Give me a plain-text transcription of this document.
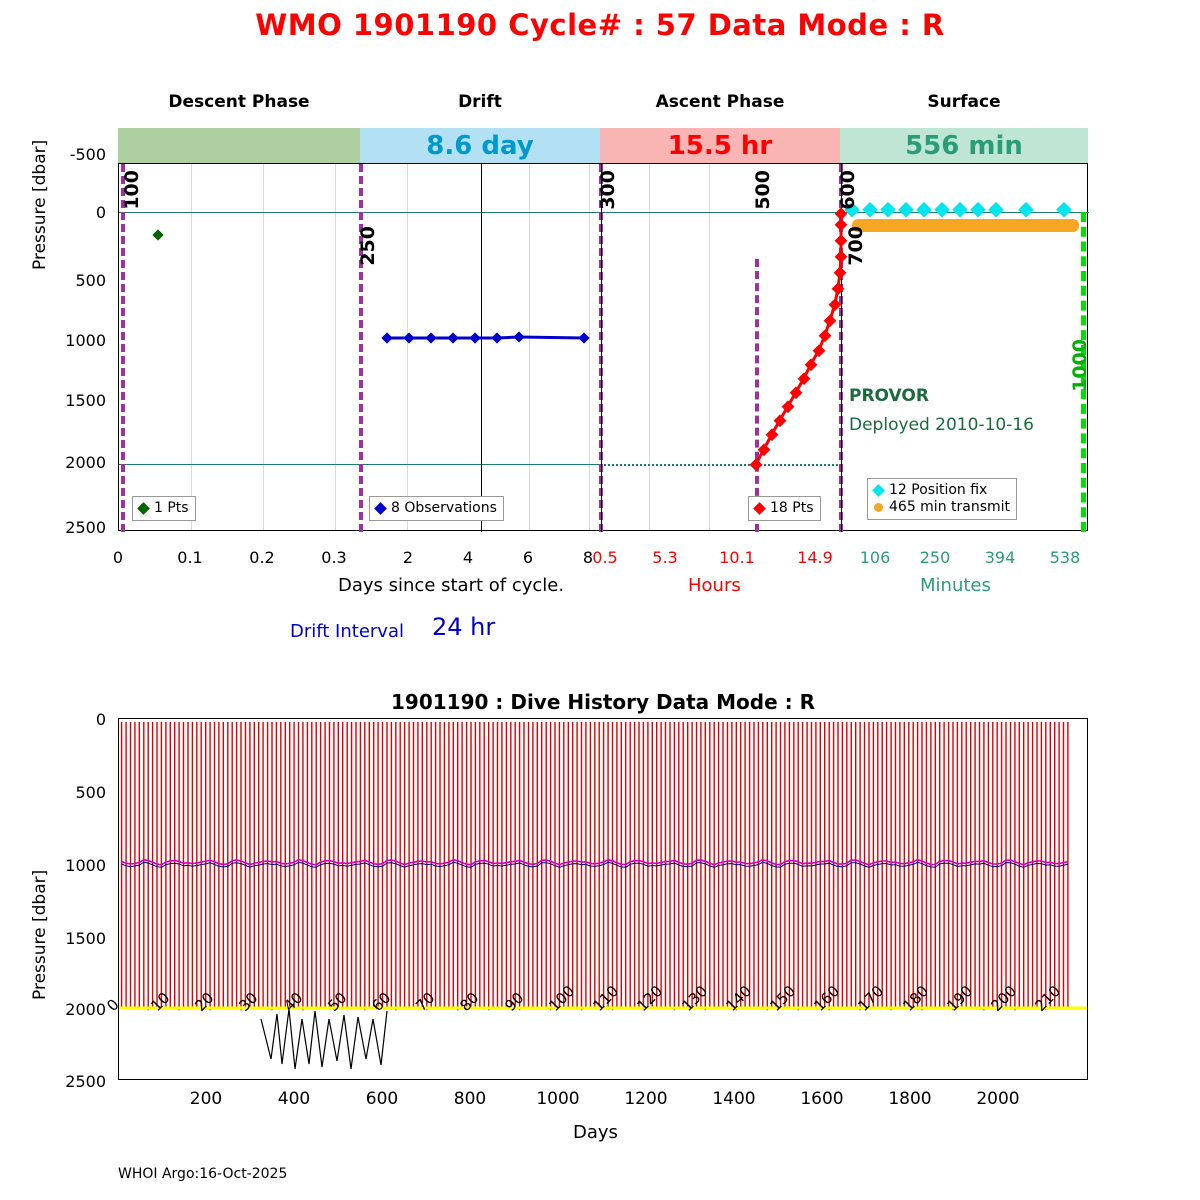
WMO 1901190 Cycle# : 57 Data Mode : R
Descent Phase	Drift	Ascent Phase	Surface
8.6 day	15.5 hr	556 min
100
250
300	500	600
700
1000
PROVOR
Deployed 2010-10-16
1 Pts	8 Observations	18 Pts
12 Position fix
465 min transmit
-500
0
500
1000
1500
2000
2500
Pressure [dbar]
0	0.1	0.2	0.3	2	4	6	8 0.5	5.3	10.1	14.9	106	250	394	538
Days since start of cycle.	Hours	Minutes
Drift Interval 24 hr
1901190 : Dive History Data Mode : R
0 10 20 30 40 50 60 70 80 90 100 110 120 130 140 150 160 170 180 190 200 210
0
500
1000
1500
2000
2500
Pressure [dbar]
200	400	600	800	1000	1200	1400	1600	1800	2000
Days
WHOI Argo:16-Oct-2025
